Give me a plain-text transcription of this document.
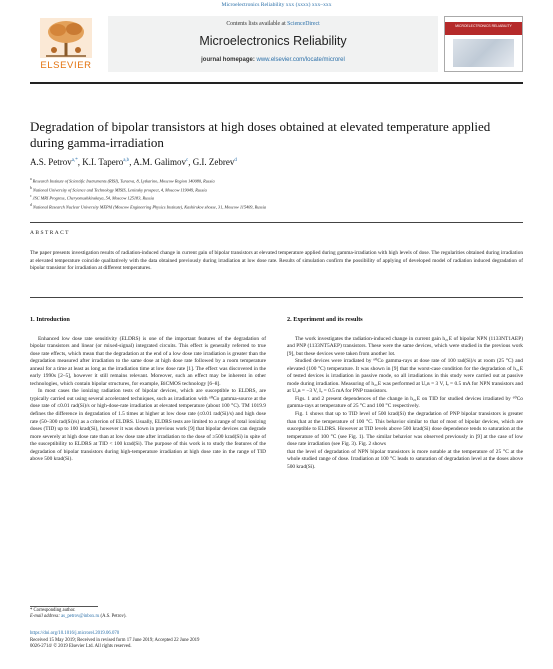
Microelectronics Reliability xxx (xxxx) xxx–xxx
ELSEVIER
Contents lists available at ScienceDirect
Microelectronics Reliability
journal homepage: www.elsevier.com/locate/microrel
MICROELECTRONICS RELIABILITY
Degradation of bipolar transistors at high doses obtained at elevated temperature applied during gamma-irradiation
A.S. Petrov$^{a,*}$, K.I. Tapero$^{a,b}$, A.M. Galimov$^c$, G.I. Zebrev$^d$
$^a$ Research Institute of Scientific Instruments (RISI), Turaeva, 8, Lytkarino, Moscow Region 140080, Russia
$^b$ National University of Science and Technology MISIS, Leninsky prospect, 4, Moscow 119049, Russia
$^c$ JSC MRI Progress, Cheryomushkinskaya, 54, Moscow 125183, Russia
$^d$ National Research Nuclear University MEPhI (Moscow Engineering Physics Institute), Kashirskoe shosse, 31, Moscow 115409, Russia
ABSTRACT
The paper presents investigation results of radiation-induced change in current gain of bipolar transistors at elevated temperature applied during gamma-irradiation with high levels of dose. The regularities obtained during irradiation at elevated temperature coincide qualitatively with the data obtained previously during irradiation at low dose rate. Results of simulation confirm the possibility of applying of developed model of radiation induced degradation of bipolar transistor for irradiation at different temperatures.
1. Introduction

Enhanced low dose rate sensitivity (ELDRS) is one of the important features of the degradation of bipolar transistors and linear (or mixed-signal) integrated circuits. This effect is generally referred to true dose rate effects, which mean that the degradation at the end of a low dose rate irradiation is greater than the degradation measured after irradiation to the same dose at high dose rate followed by a room temperature anneal for a time at least as long as the irradiation time at low dose rate [1]. The effect was discovered in the early 1990s [2–5], however it still remains relevant. Moreover, such an effect may be inherent in other technologies, which contain bipolar structures, for example, BiCMOS technology [6–8].

In most cases the ionizing radiation tests of bipolar devices, which are susceptible to ELDRS, are typically carried out using several accelerated techniques, such as irradiation with ⁶⁰Co gamma-source at the dose rate of ≤0.01 rad(Si)/s or high-dose-rate irradiation at elevated temperature (about 100 °C). TM 1019.9 defines the difference in degradation of 1.5 times at higher at low dose rate (≤0.01 rad(Si)/s) and high dose rate (50–300 rad(Si)/s) as a criterion of ELDRS. Usually, ELDRS tests are limited to a range of total ionizing doses (TID) up to 100 krad(Si), however it was shown in previous work [9] that bipolar devices can degrade more severely at high dose rate than at low dose rate after irradiation to the dose of ≥500 krad(Si) in spite of the susceptibility to ELDRS at TID < 100 krad(Si). The purpose of this work is to study the features of the degradation of bipolar transistors during high-temperature irradiation at high dose rate in the range of TID above 500 krad(Si).

2. Experiment and its results

The work investigates the radiation-induced change in current gain h₂₁E of bipolar NPN (1133NT1AEP) and PNP (1133NT5AEP) transistors. These were the same devices, which were studied in the previous work [9], but these devices were taken from another lot.

Studied devices were irradiated by ⁶⁰Co gamma-rays at dose rate of 100 rad(Si)/s at room (25 °C) and elevated (100 °C) temperature. It was shown in [9] that the worst-case condition for the degradation of h₂₁E of tested devices is irradiation in passive mode, so all irradiations in this study were carried out at passive mode during irradiation. Measuring of h₂₁E was performed at U꜀ʙ = 3 V, Iₑ = 0.5 mA for NPN transistors and at U꜀ʙ = −3 V, Iₑ = 0.5 mA for PNP transistors.

Figs. 1 and 2 present dependences of the change in h₂₁E on TID for studied devices irradiated by ⁶⁰Co gamma-rays at temperature of 25 °C and 100 °C respectively.

Fig. 1 shows that up to TID level of 500 krad(Si) the degradation of PNP bipolar transistors is greater than that at the temperature of 100 °C. This behavior similar to that of most of bipolar devices, which are susceptible to ELDRS. However at TID levels above 500 krad(Si) dose dependence tends to saturation at the temperature of 100 °C (see Fig. 1). The similar behavior was observed previously in [9] at the case of low dose rate irradiation (see Fig. 3). Fig. 2 shows

that the level of degradation of NPN bipolar transistors is more notable at the temperature of 25 °C at the whole studied range of dose. Irradiation at 100 °C leads to saturation of degradation level at the doses above 500 krad(Si).

* Corresponding author.
E-mail address: as_petrov@inbox.ru (A.S. Petrov).
https://doi.org/10.1016/j.microrel.2019.06.070
Received 15 May 2019; Received in revised form 17 June 2019; Accepted 22 June 2019
0026-2714/ © 2019 Elsevier Ltd. All rights reserved.
